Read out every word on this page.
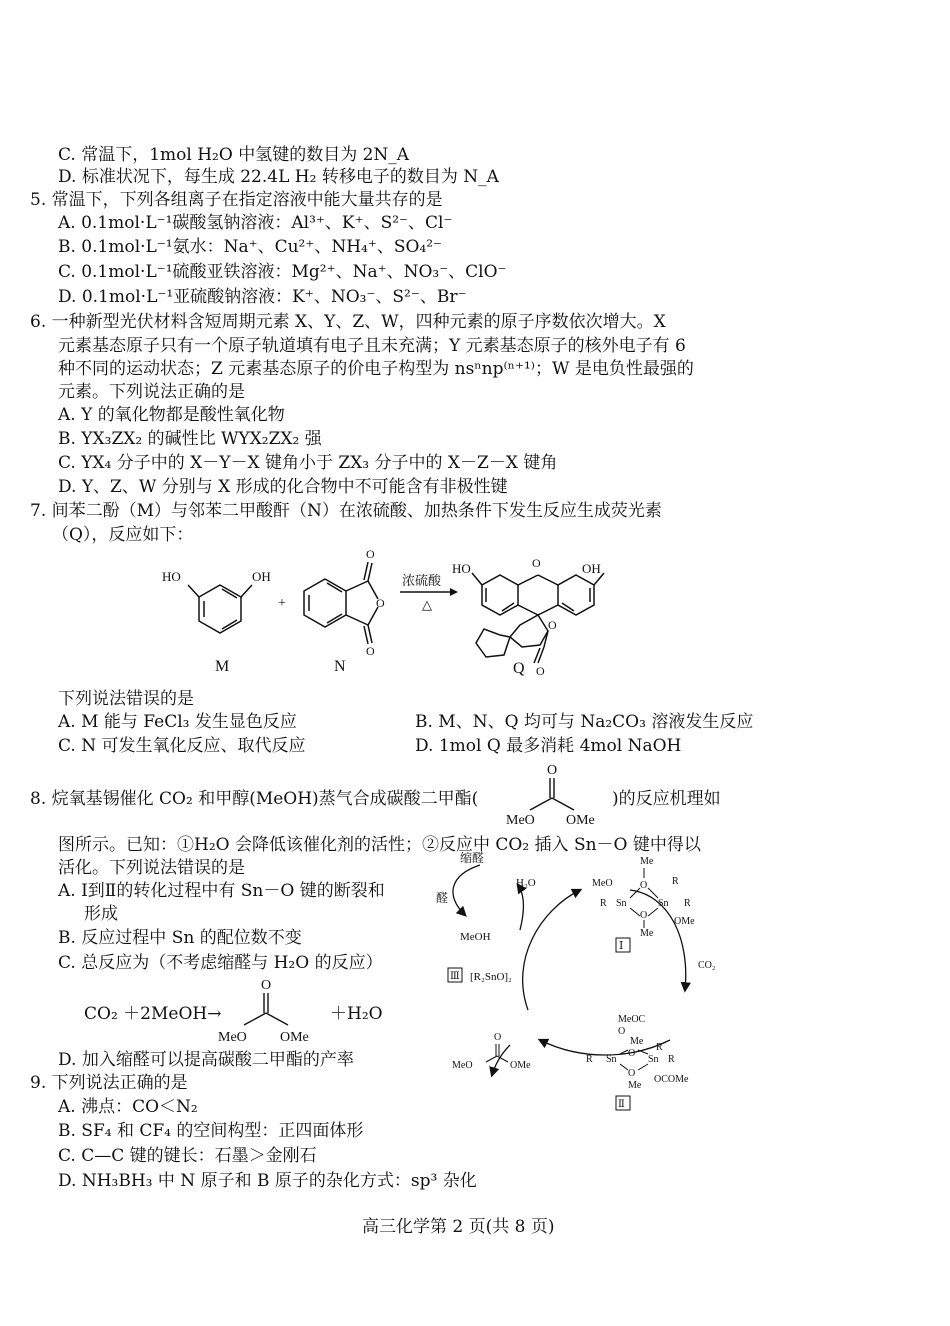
C. 常温下，1mol H₂O 中氢键的数目为 2N_A
D. 标准状况下，每生成 22.4L H₂ 转移电子的数目为 N_A
5. 常温下，下列各组离子在指定溶液中能大量共存的是
A. 0.1mol·L⁻¹碳酸氢钠溶液：Al³⁺、K⁺、S²⁻、Cl⁻
B. 0.1mol·L⁻¹氨水：Na⁺、Cu²⁺、NH₄⁺、SO₄²⁻
C. 0.1mol·L⁻¹硫酸亚铁溶液：Mg²⁺、Na⁺、NO₃⁻、ClO⁻
D. 0.1mol·L⁻¹亚硫酸钠溶液：K⁺、NO₃⁻、S²⁻、Br⁻
6. 一种新型光伏材料含短周期元素 X、Y、Z、W，四种元素的原子序数依次增大。X
元素基态原子只有一个原子轨道填有电子且未充满；Y 元素基态原子的核外电子有 6
种不同的运动状态；Z 元素基态原子的价电子构型为 nsⁿnp⁽ⁿ⁺¹⁾；W 是电负性最强的
元素。下列说法正确的是
A. Y 的氧化物都是酸性氧化物
B. YX₃ZX₂ 的碱性比 WYX₂ZX₂ 强
C. YX₄ 分子中的 X－Y－X 键角小于 ZX₃ 分子中的 X－Z－X 键角
D. Y、Z、W 分别与 X 形成的化合物中不可能含有非极性键
7. 间苯二酚（M）与邻苯二甲酸酐（N）在浓硫酸、加热条件下发生反应生成荧光素
（Q），反应如下：
HO	OH
+
O
O
O
浓硫酸
△
HO	O	OH
O
O
M	N	Q
下列说法错误的是
A. M 能与 FeCl₃ 发生显色反应	B. M、N、Q 均可与 Na₂CO₃ 溶液发生反应
C. N 可发生氧化反应、取代反应	D. 1mol Q 最多消耗 4mol NaOH
8. 烷氧基锡催化 CO₂ 和甲醇(MeOH)蒸气合成碳酸二甲酯(
O
MeO OMe
)的反应机理如
图所示。已知：①H₂O 会降低该催化剂的活性；②反应中 CO₂ 插入 Sn－O 键中得以
活化。下列说法错误的是
A. Ⅰ到Ⅱ的转化过程中有 Sn－O 键的断裂和
形成
B. 反应过程中 Sn 的配位数不变
C. 总反应为（不考虑缩醛与 H₂O 的反应）
CO₂ ＋2MeOH→
O
MeO OMe
＋H₂O
D. 加入缩醛可以提高碳酸二甲酯的产率
缩醛
醛
H₂O
MeOH
Me
MeO	O R
R Sn	Sn R
O
OMe
Me
Ⅰ
CO₂
Ⅲ [R₂SnO]₂
MeOC
O
Me
O
R
R Sn	Sn R
O
OCOMe
Me
Ⅱ
O
MeO	OMe
9. 下列说法正确的是
A. 沸点：CO＜N₂
B. SF₄ 和 CF₄ 的空间构型：正四面体形
C. C—C 键的键长：石墨＞金刚石
D. NH₃BH₃ 中 N 原子和 B 原子的杂化方式：sp³ 杂化
高三化学第 2 页(共 8 页)
